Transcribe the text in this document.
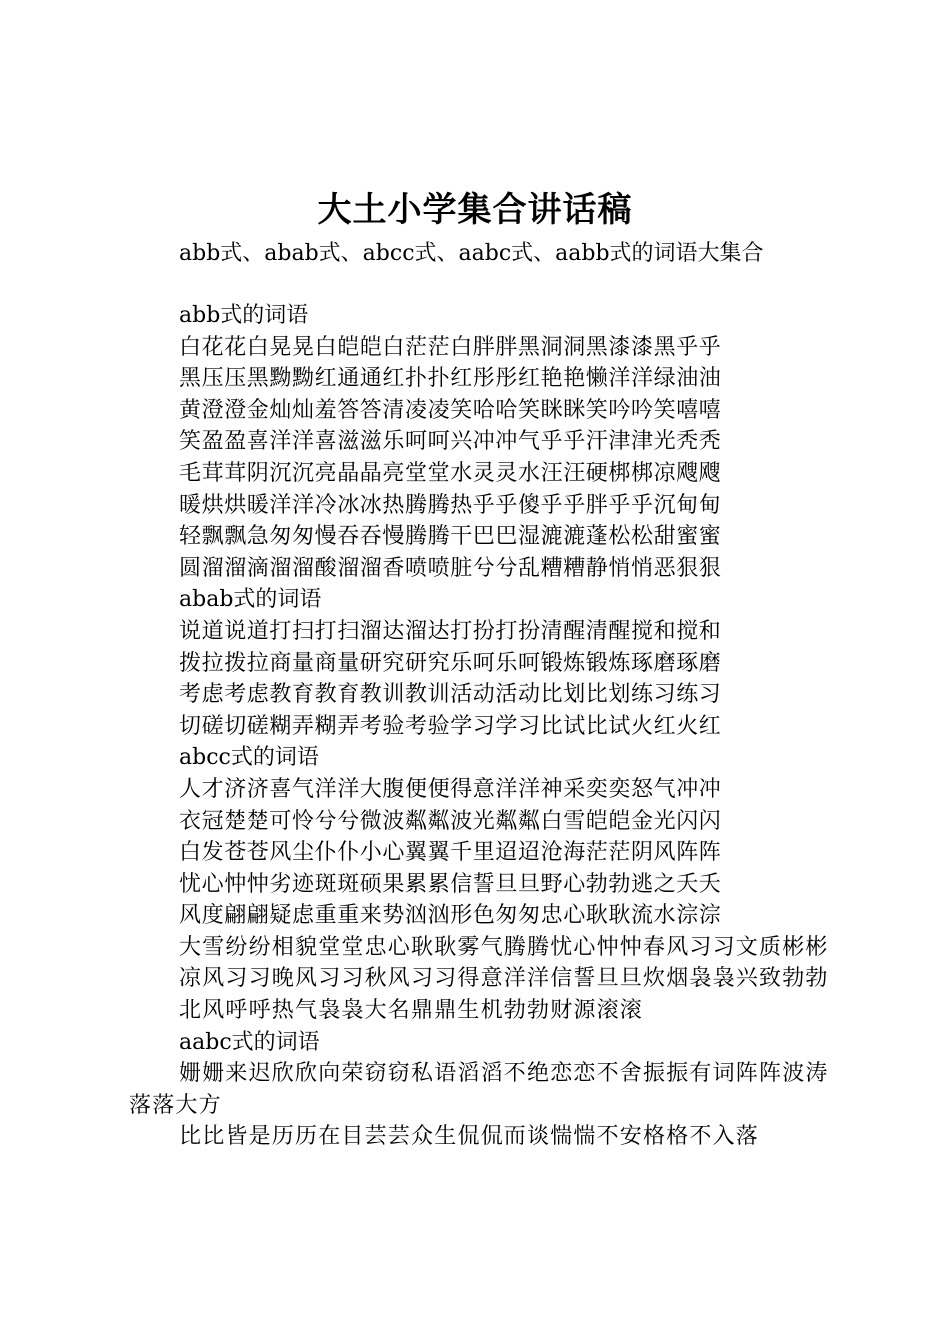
大土小学集合讲话稿
abb式、abab式、abcc式、aabc式、aabb式的词语大集合
abb式的词语
白花花白晃晃白皑皑白茫茫白胖胖黑洞洞黑漆漆黑乎乎
黑压压黑黝黝红通通红扑扑红彤彤红艳艳懒洋洋绿油油
黄澄澄金灿灿羞答答清凌凌笑哈哈笑眯眯笑吟吟笑嘻嘻
笑盈盈喜洋洋喜滋滋乐呵呵兴冲冲气乎乎汗津津光秃秃
毛茸茸阴沉沉亮晶晶亮堂堂水灵灵水汪汪硬梆梆凉飕飕
暖烘烘暖洋洋冷冰冰热腾腾热乎乎傻乎乎胖乎乎沉甸甸
轻飘飘急匆匆慢吞吞慢腾腾干巴巴湿漉漉蓬松松甜蜜蜜
圆溜溜滴溜溜酸溜溜香喷喷脏兮兮乱糟糟静悄悄恶狠狠
abab式的词语
说道说道打扫打扫溜达溜达打扮打扮清醒清醒搅和搅和
拨拉拨拉商量商量研究研究乐呵乐呵锻炼锻炼琢磨琢磨
考虑考虑教育教育教训教训活动活动比划比划练习练习
切磋切磋糊弄糊弄考验考验学习学习比试比试火红火红
abcc式的词语
人才济济喜气洋洋大腹便便得意洋洋神采奕奕怒气冲冲
衣冠楚楚可怜兮兮微波粼粼波光粼粼白雪皑皑金光闪闪
白发苍苍风尘仆仆小心翼翼千里迢迢沧海茫茫阴风阵阵
忧心忡忡劣迹斑斑硕果累累信誓旦旦野心勃勃逃之夭夭
风度翩翩疑虑重重来势汹汹形色匆匆忠心耿耿流水淙淙
大雪纷纷相貌堂堂忠心耿耿雾气腾腾忧心忡忡春风习习文质彬彬
凉风习习晚风习习秋风习习得意洋洋信誓旦旦炊烟袅袅兴致勃勃
北风呼呼热气袅袅大名鼎鼎生机勃勃财源滚滚
aabc式的词语
姗姗来迟欣欣向荣窃窃私语滔滔不绝恋恋不舍振振有词阵阵波涛落落大方
比比皆是历历在目芸芸众生侃侃而谈惴惴不安格格不入落
